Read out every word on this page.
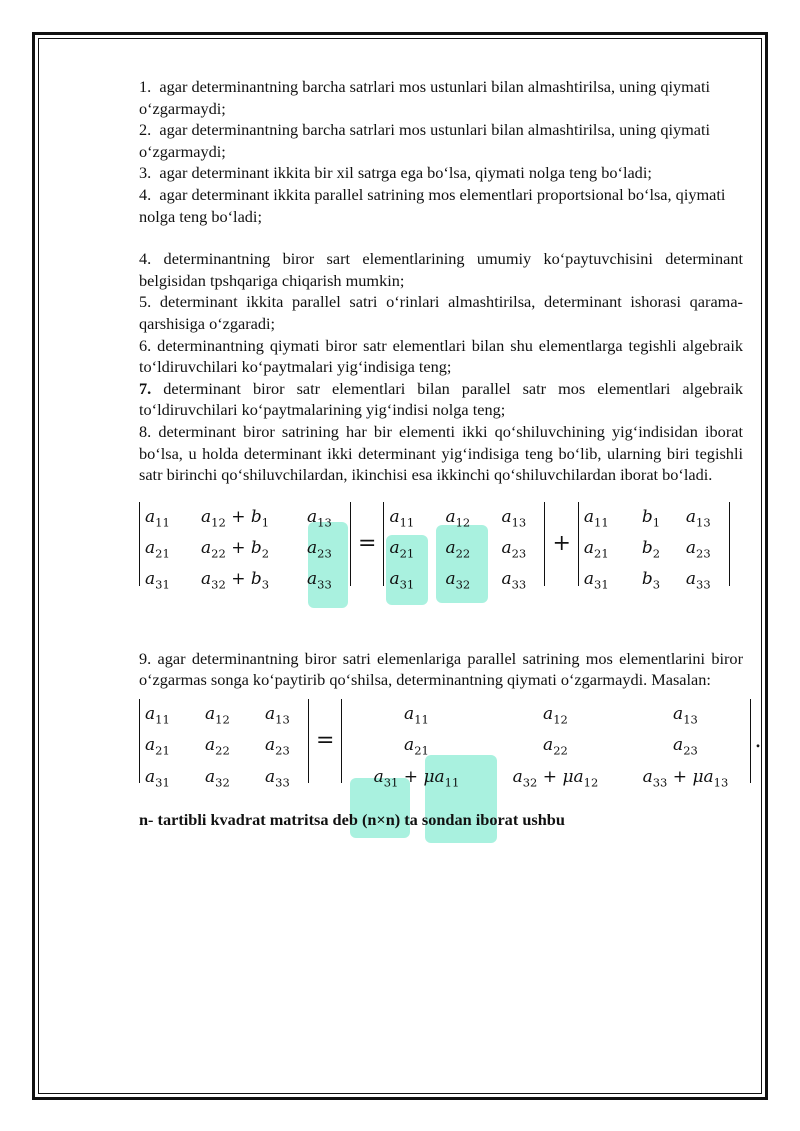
1. agar determinantning barcha satrlari mos ustunlari bilan almashtirilsa, uning qiymati o‘zgarmaydi;

2. agar determinantning barcha satrlari mos ustunlari bilan almashtirilsa, uning qiymati o‘zgarmaydi;

3. agar determinant ikkita bir xil satrga ega bo‘lsa, qiymati nolga teng bo‘ladi;

4. agar determinant ikkita parallel satrining mos elementlari proportsional bo‘lsa, qiymati nolga teng bo‘ladi;

4. determinantning biror sart elementlarining umumiy ko‘paytuvchisini determinant belgisidan tpshqariga chiqarish mumkin;

5. determinant ikkita parallel satri o‘rinlari almashtirilsa, determinant ishorasi qarama-qarshisiga o‘zgaradi;

6. determinantning qiymati biror satr elementlari bilan shu elementlarga tegishli algebraik to‘ldiruvchilari ko‘paytmalari yig‘indisiga teng;

7. determinant biror satr elementlari bilan parallel satr mos elementlari algebraik to‘ldiruvchilari ko‘paytmalarining yig‘indisi nolga teng;

8. determinant biror satrining har bir elementi ikki qo‘shiluvchining yig‘indisidan iborat bo‘lsa, u holda determinant ikki determinant yig‘indisiga teng bo‘lib, ularning biri tegishli satr birinchi qo‘shiluvchilardan, ikinchisi esa ikkinchi qo‘shiluvchilardan iborat bo‘ladi.

$a_{11}$	$a_{12} + b_1$	$a_{13}$
$a_{21}$	$a_{22} + b_2$	$a_{23}$
$a_{31}$	$a_{32} + b_3$	$a_{33}$
=
$a_{11}$	$a_{12}$	$a_{13}$
$a_{21}$	$a_{22}$	$a_{23}$
$a_{31}$	$a_{32}$	$a_{33}$
+
$a_{11}$	$b_1$	$a_{13}$
$a_{21}$	$b_2$	$a_{23}$
$a_{31}$	$b_3$	$a_{33}$

9. agar determinantning biror satri elemenlariga parallel satrining mos elementlarini biror o‘zgarmas songa ko‘paytirib qo‘shilsa, determinantning qiymati o‘zgarmaydi. Masalan:

$a_{11}$	$a_{12}$	$a_{13}$
$a_{21}$	$a_{22}$	$a_{23}$
$a_{31}$	$a_{32}$	$a_{33}$
=
$a_{11}$	$a_{12}$	$a_{13}$
$a_{21}$	$a_{22}$	$a_{23}$
$a_{31} + \mu a_{11}$	$a_{32} + \mu a_{12}$	$a_{33} + \mu a_{13}$
.

n- tartibli kvadrat matritsa deb (n×n) ta sondan iborat ushbu
